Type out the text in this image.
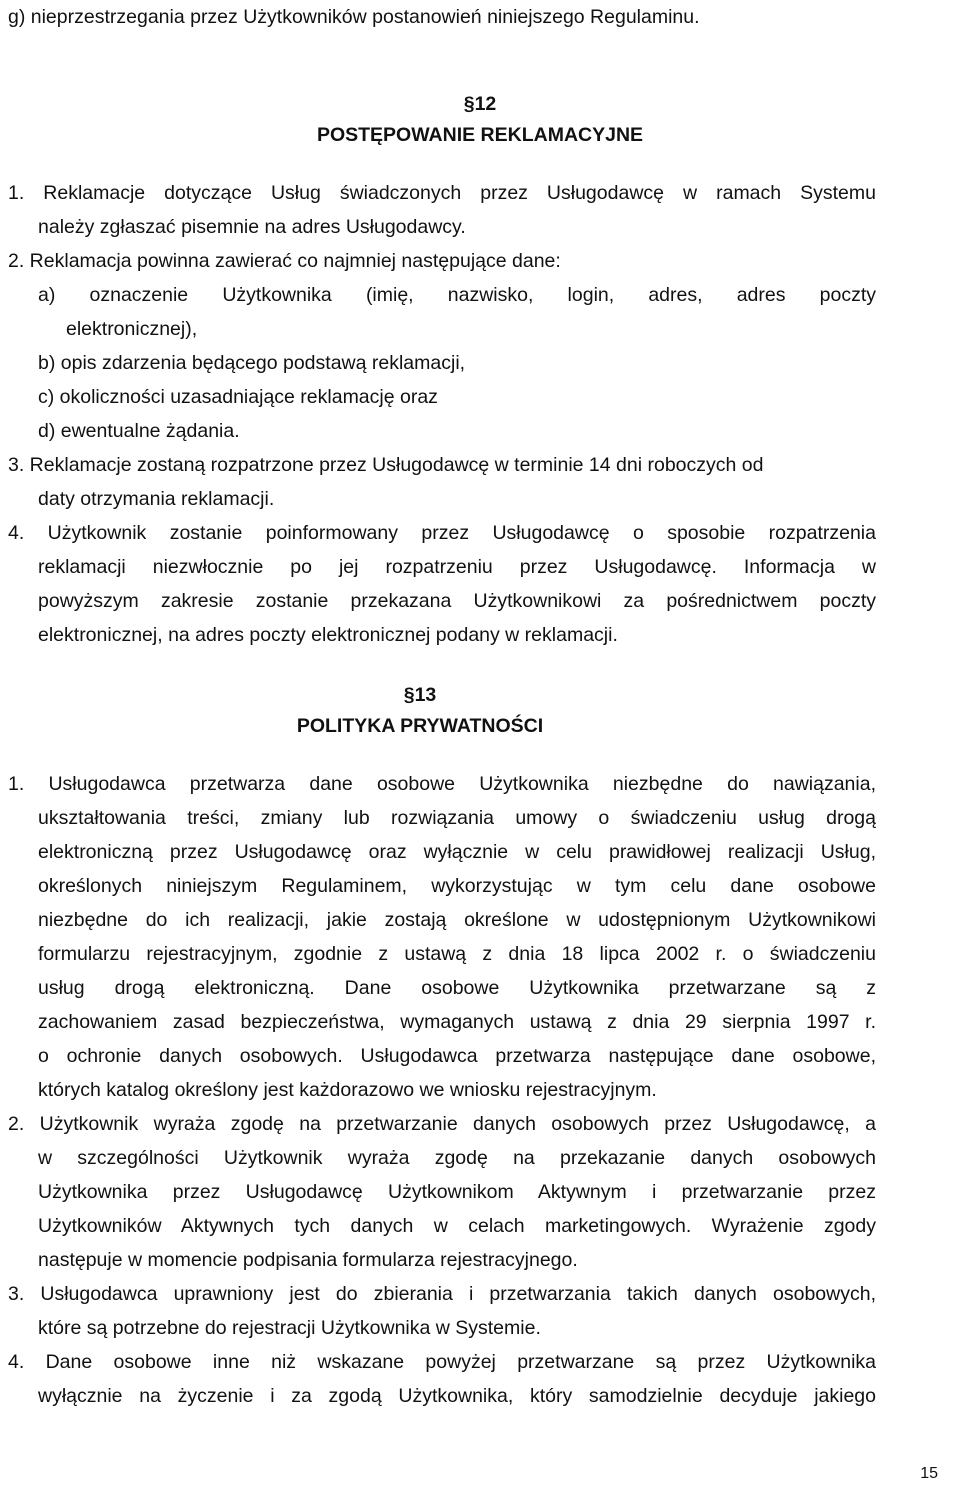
g) nieprzestrzegania przez Użytkowników postanowień niniejszego Regulaminu.

§12

POSTĘPOWANIE REKLAMACYJNE

1. Reklamacje dotyczące Usług świadczonych przez Usługodawcę w ramach Systemu

należy zgłaszać pisemnie na adres Usługodawcy.

2. Reklamacja powinna zawierać co najmniej następujące dane:

a) oznaczenie Użytkownika (imię, nazwisko, login, adres, adres poczty

elektronicznej),

b) opis zdarzenia będącego podstawą reklamacji,

c) okoliczności uzasadniające reklamację oraz

d) ewentualne żądania.

3. Reklamacje zostaną rozpatrzone przez Usługodawcę w terminie 14 dni roboczych od

daty otrzymania reklamacji.

4. Użytkownik zostanie poinformowany przez Usługodawcę o sposobie rozpatrzenia

reklamacji niezwłocznie po jej rozpatrzeniu przez Usługodawcę. Informacja w

powyższym zakresie zostanie przekazana Użytkownikowi za pośrednictwem poczty

elektronicznej, na adres poczty elektronicznej podany w reklamacji.

§13

POLITYKA PRYWATNOŚCI

1. Usługodawca przetwarza dane osobowe Użytkownika niezbędne do nawiązania,

ukształtowania treści, zmiany lub rozwiązania umowy o świadczeniu usług drogą

elektroniczną przez Usługodawcę oraz wyłącznie w celu prawidłowej realizacji Usług,

określonych niniejszym Regulaminem, wykorzystując w tym celu dane osobowe

niezbędne do ich realizacji, jakie zostają określone w udostępnionym Użytkownikowi

formularzu rejestracyjnym, zgodnie z ustawą z dnia 18 lipca 2002 r. o świadczeniu

usług drogą elektroniczną. Dane osobowe Użytkownika przetwarzane są z

zachowaniem zasad bezpieczeństwa, wymaganych ustawą z dnia 29 sierpnia 1997 r.

o ochronie danych osobowych. Usługodawca przetwarza następujące dane osobowe,

których katalog określony jest każdorazowo we wniosku rejestracyjnym.

2. Użytkownik wyraża zgodę na przetwarzanie danych osobowych przez Usługodawcę, a

w szczególności Użytkownik wyraża zgodę na przekazanie danych osobowych

Użytkownika przez Usługodawcę Użytkownikom Aktywnym i przetwarzanie przez

Użytkowników Aktywnych tych danych w celach marketingowych. Wyrażenie zgody

następuje w momencie podpisania formularza rejestracyjnego.

3. Usługodawca uprawniony jest do zbierania i przetwarzania takich danych osobowych,

które są potrzebne do rejestracji Użytkownika w Systemie.

4. Dane osobowe inne niż wskazane powyżej przetwarzane są przez Użytkownika

wyłącznie na życzenie i za zgodą Użytkownika, który samodzielnie decyduje jakiego

15
